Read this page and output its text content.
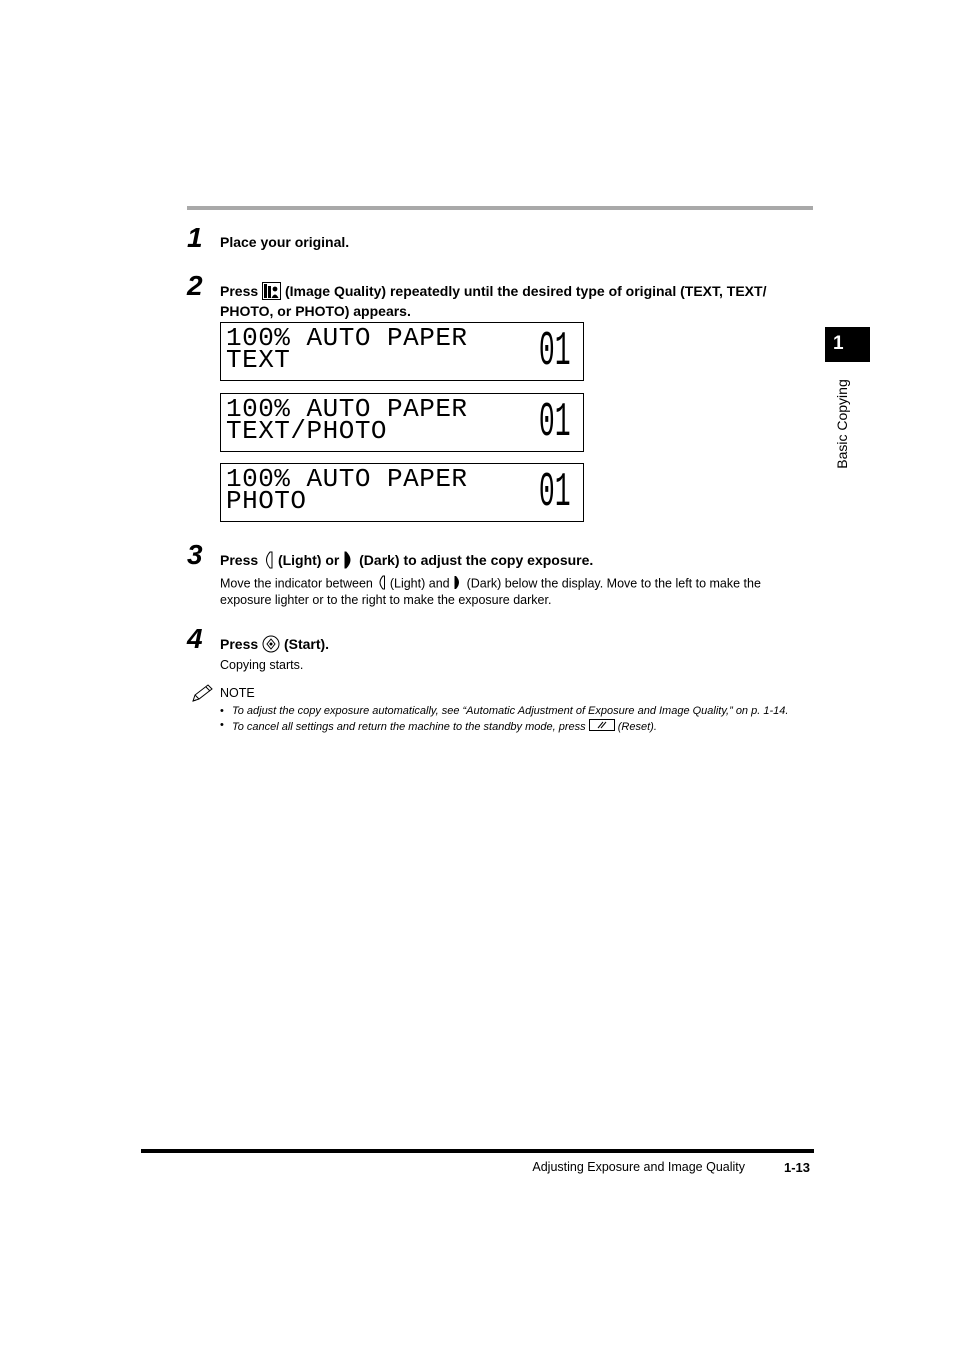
1 Place your original.
2 Press (Image Quality) repeatedly until the desired type of original (TEXT, TEXT/
PHOTO, or PHOTO) appears.
100% AUTO PAPER
TEXT	01
100% AUTO PAPER
TEXT/PHOTO	01
100% AUTO PAPER
PHOTO	01
3 Press (Light) or (Dark) to adjust the copy exposure.
Move the indicator between (Light) and (Dark) below the display. Move to the left to make the
exposure lighter or to the right to make the exposure darker.
4 Press (Start).
Copying starts.
NOTE
• To adjust the copy exposure automatically, see “Automatic Adjustment of Exposure and Image Quality,” on p. 1-14.
• To cancel all settings and return the machine to the standby mode, press	(Reset).
1
Basic Copying
Adjusting Exposure and Image Quality	1-13
